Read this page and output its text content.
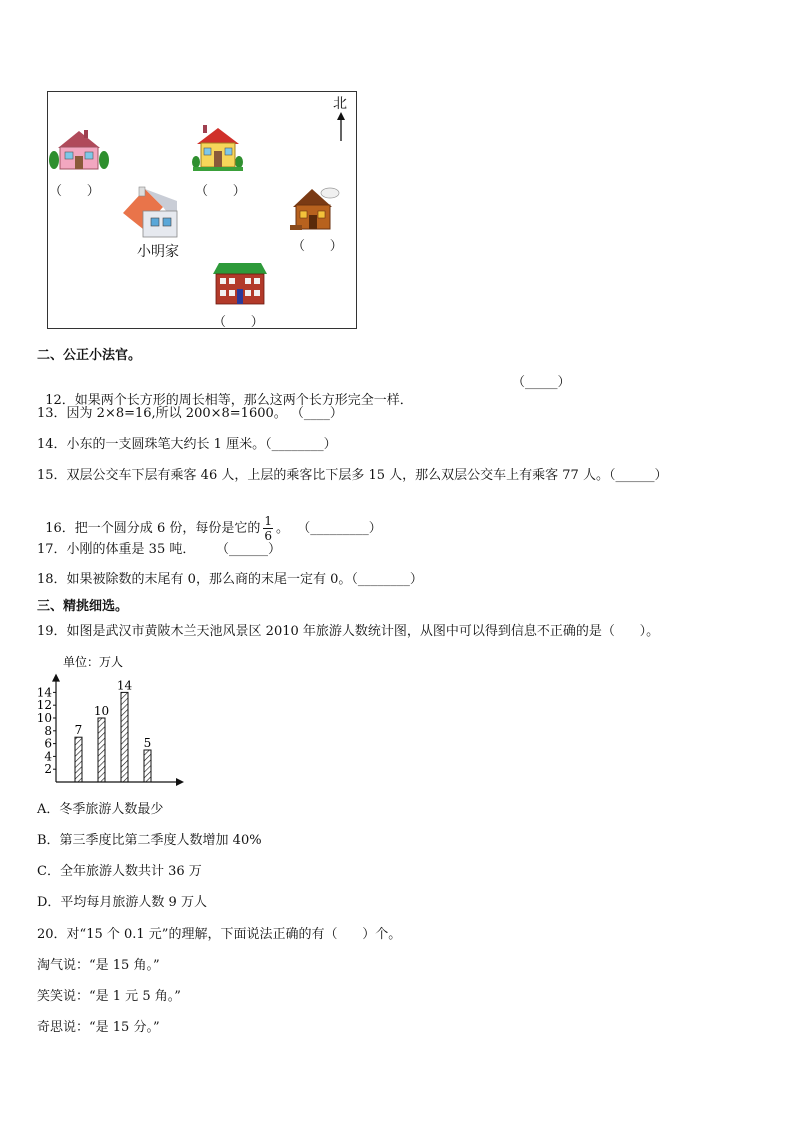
北
小明家
（      ）	（      ）
（      ）
（      ）
二、公正小法官。

12．如果两个长方形的周长相等，那么这两个长方形完全一样．

（_____）
13．因为 2×8=16,所以 200×8=1600。 （____）
14．小东的一支圆珠笔大约长 1 厘米。（________）
15．双层公交车下层有乘客 46 人，上层的乘客比下层多 15 人，那么双层公交车上有乘客 77 人。（______）

16．把一个圆分成 6 份，每份是它的 $\frac{1}{6}$ 。  （_________）

17．小刚的体重是 35 吨．     （______）
18．如果被除数的末尾有 0，那么商的末尾一定有 0。（________）
三、精挑细选。
19．如图是武汉市黄陂木兰天池风景区 2010 年旅游人数统计图，从图中可以得到信息不正确的是（      ）。
2
4
6
8
10
12
14
7
10
14
5
单位：万人
A．冬季旅游人数最少
B．第三季度比第二季度人数增加 40%
C．全年旅游人数共计 36 万
D．平均每月旅游人数 9 万人
20．对“15 个 0.1 元”的理解，下面说法正确的有（      ）个。
淘气说：“是 15 角。”
笑笑说：“是 1 元 5 角。”
奇思说：“是 15 分。”
